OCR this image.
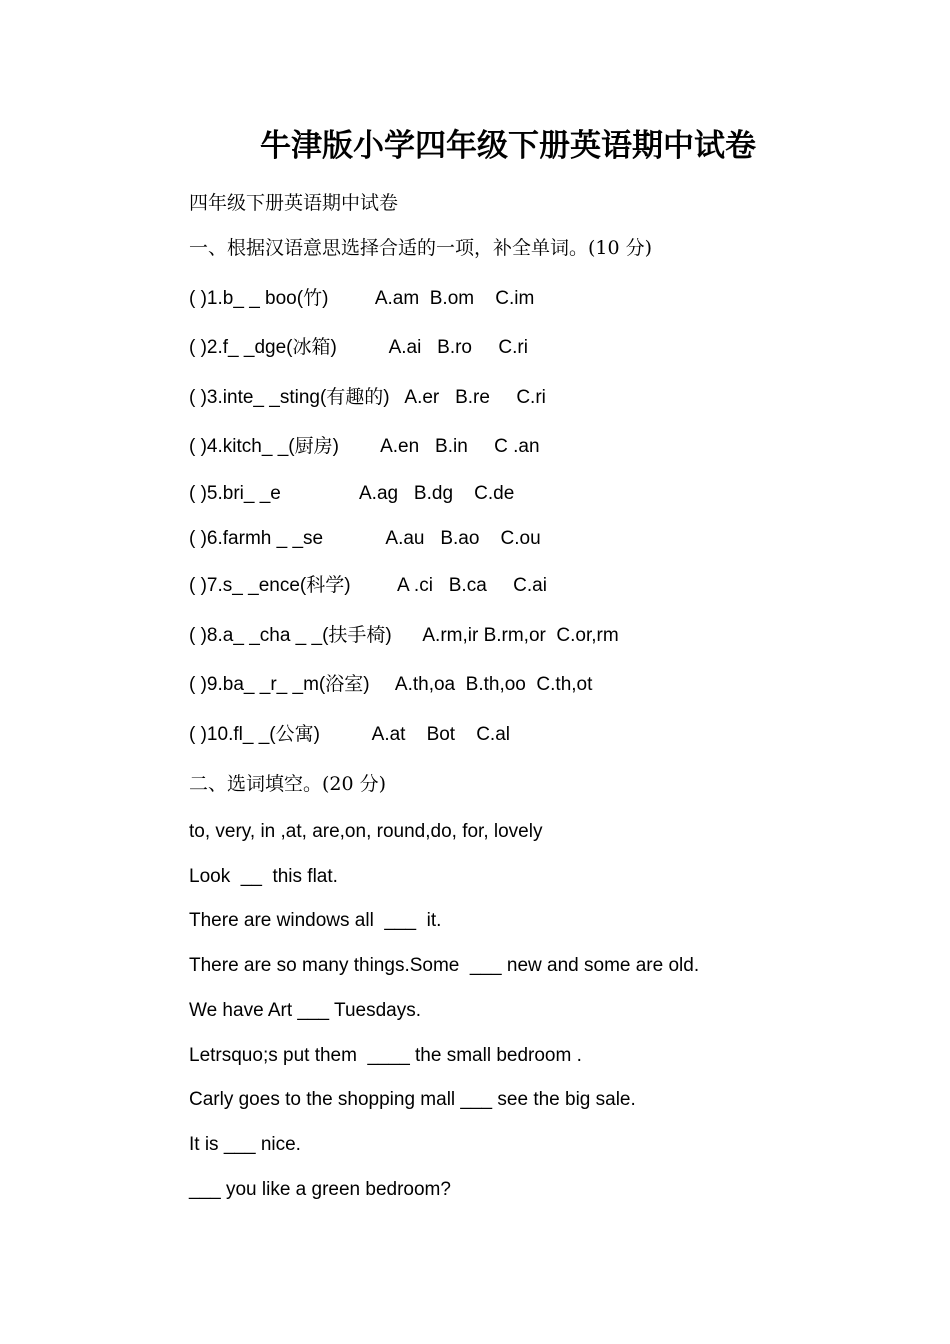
牛津版小学四年级下册英语期中试卷
四年级下册英语期中试卷
一、根据汉语意思选择合适的一项，补全单词。(10 分)
( )1.b_ _ boo(竹)         A.am  B.om    C.im
( )2.f_ _dge(冰箱)          A.ai   B.ro     C.ri
( )3.inte_ _sting(有趣的)   A.er   B.re     C.ri
( )4.kitch_ _(厨房)        A.en   B.in     C .an
( )5.bri_ _e               A.ag   B.dg    C.de
( )6.farmh _ _se            A.au   B.ao    C.ou
( )7.s_ _ence(科学)         A .ci   B.ca     C.ai
( )8.a_ _cha _ _(扶手椅)      A.rm,ir B.rm,or  C.or,rm
( )9.ba_ _r_ _m(浴室)     A.th,oa  B.th,oo  C.th,ot
( )10.fl_ _(公寓)          A.at    Bot    C.al
二、选词填空。(20 分)
to, very, in ,at, are,on, round,do, for, lovely
Look  __  this flat.
There are windows all  ___  it.
There are so many things.Some  ___ new and some are old.
We have Art ___ Tuesdays.
Letrsquo;s put them  ____ the small bedroom .
Carly goes to the shopping mall ___ see the big sale.
It is ___ nice.
___ you like a green bedroom?
